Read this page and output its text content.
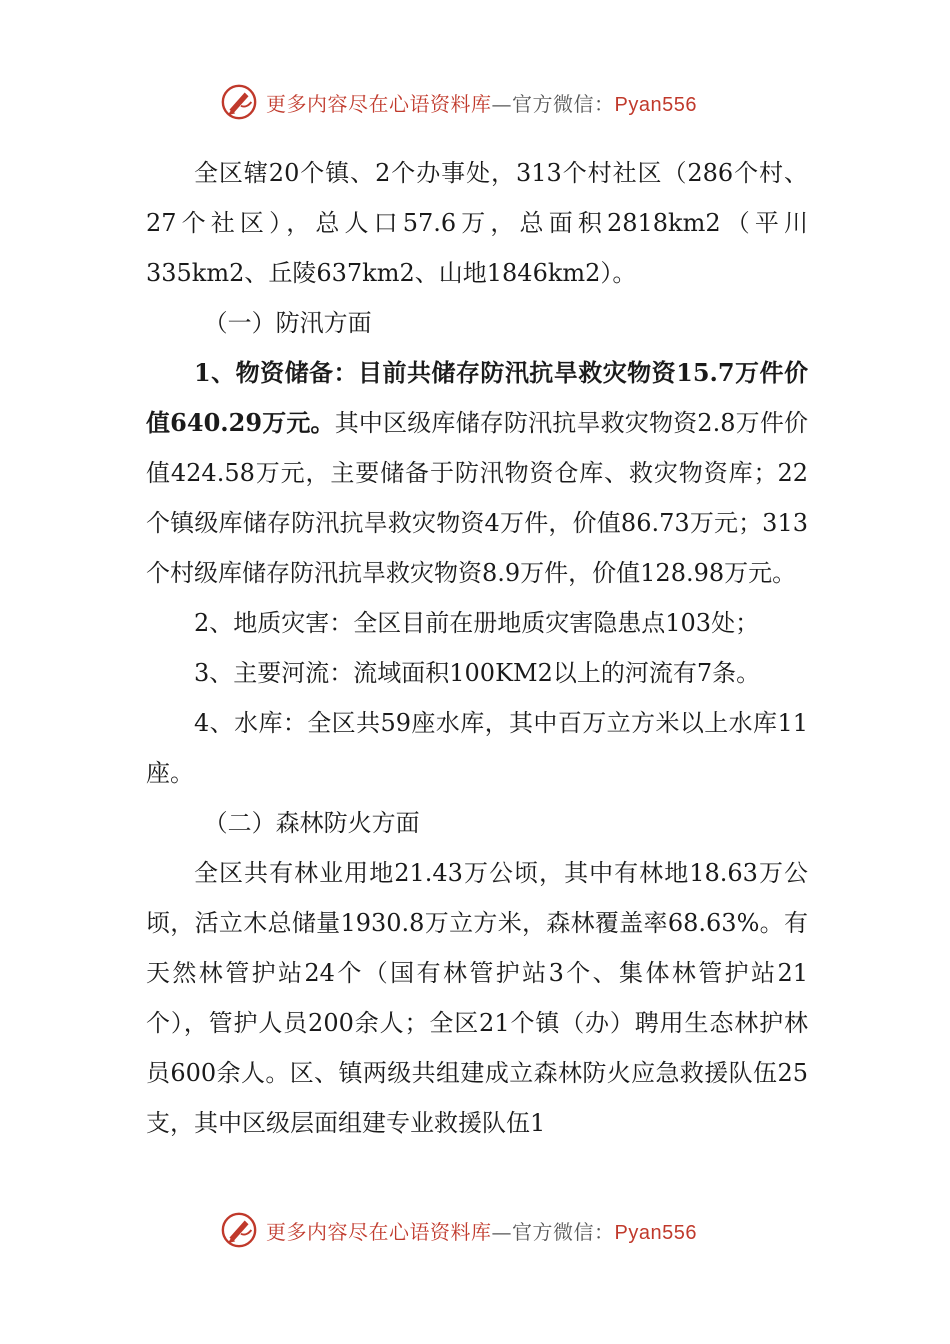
更多内容尽在心语资料库—官方微信：Pyan556

全区辖20个镇、2个办事处，313个村社区（286个村、27个社区），总人口57.6万，总面积2818km2（平川335km2、丘陵637km2、山地1846km2）。

（一）防汛方面

1、物资储备：目前共储存防汛抗旱救灾物资15.7万件价值640.29万元。其中区级库储存防汛抗旱救灾物资2.8万件价值424.58万元，主要储备于防汛物资仓库、救灾物资库；22个镇级库储存防汛抗旱救灾物资4万件，价值86.73万元；313个村级库储存防汛抗旱救灾物资8.9万件，价值128.98万元。

2、地质灾害：全区目前在册地质灾害隐患点103处；

3、主要河流：流域面积100KM2以上的河流有7条。

4、水库：全区共59座水库，其中百万立方米以上水库11座。

（二）森林防火方面

全区共有林业用地21.43万公顷，其中有林地18.63万公顷，活立木总储量1930.8万立方米，森林覆盖率68.63%。有天然林管护站24个（国有林管护站3个、集体林管护站21个），管护人员200余人；全区21个镇（办）聘用生态林护林员600余人。区、镇两级共组建成立森林防火应急救援队伍25支，其中区级层面组建专业救援队伍1

更多内容尽在心语资料库—官方微信：Pyan556
